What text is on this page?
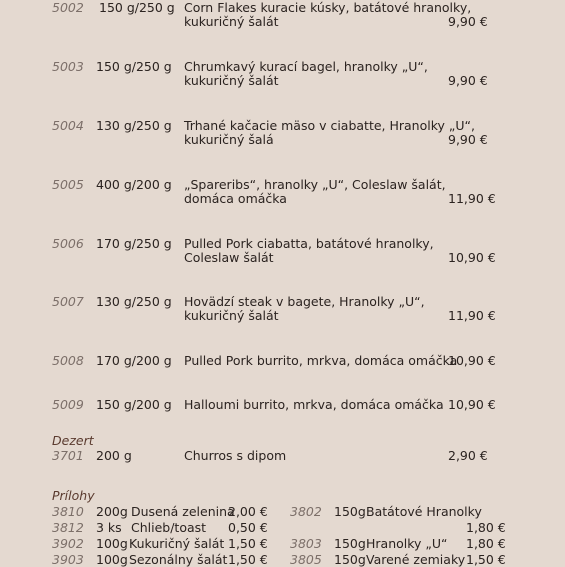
5002 150 g/250 g Corn Flakes kuracie kúsky, batátové hranolky,
kukuričný šalát	9,90 €
5003 150 g/250 g Chrumkavý kurací bagel, hranolky „U“,
kukuričný šalát	9,90 €
5004 130 g/250 g Trhané kačacie mäso v ciabatte, Hranolky „U“,
kukuričný šalá	9,90 €
5005 400 g/200 g „Spareribs“, hranolky „U“, Coleslaw šalát,
domáca omáčka	11,90 €
5006 170 g/250 g Pulled Pork ciabatta, batátové hranolky,
Coleslaw šalát	10,90 €
5007 130 g/250 g Hovädzí steak v bagete, Hranolky „U“,
kukuričný šalát	11,90 €
5008 170 g/200 g Pulled Pork burrito, mrkva, domáca omáčka
10,90 €
5009 150 g/200 g Halloumi burrito, mrkva, domáca omáčka 10,90 €
Dezert
3701 200 g	Churros s dipom	2,90 €
Prílohy
3810 200g Dusená zelenina
2,00 €
3812 3 ks Chlieb/toast 0,50 €
3902 100g Kukuričný šalát 1,50 €
3903 100g Sezonálny šalát 1,50 €
3802 150g Batátové Hranolky
1,80 €
3803 150g Hranolky „U“ 1,80 €
3805 150g Varené zemiaky 1,50 €
